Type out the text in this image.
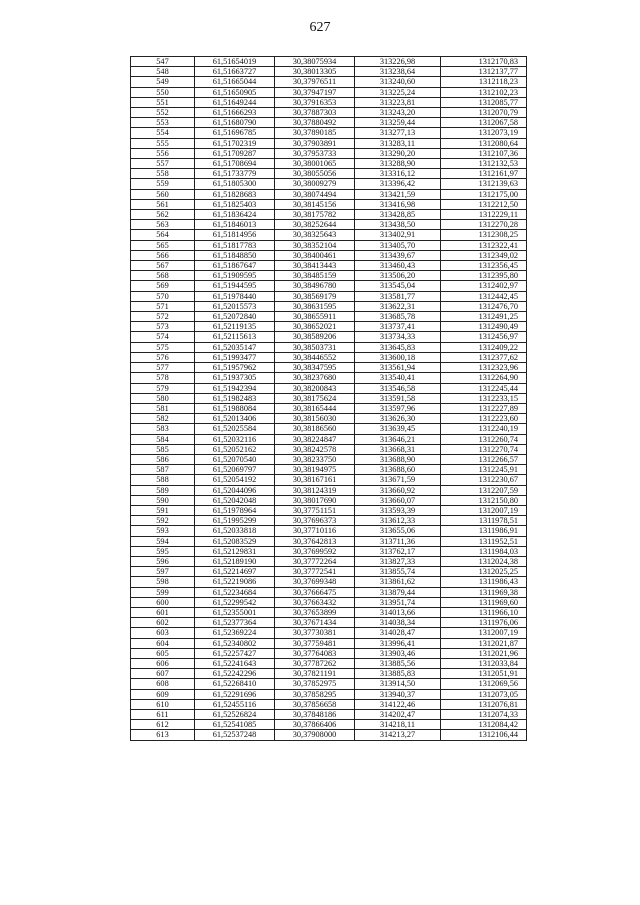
627
547	61,51654019	30,38075934	313226,98	1312170,83
548	61,51663727	30,38013305	313238,64	1312137,77
549	61,51665044	30,37976511	313240,60	1312118,23
550	61,51650905	30,37947197	313225,24	1312102,23
551	61,51649244	30,37916353	313223,81	1312085,77
552	61,51666293	30,37887303	313243,20	1312070,79
553	61,51680790	30,37880492	313259,44	1312067,58
554	61,51696785	30,37890185	313277,13	1312073,19
555	61,51702319	30,37903891	313283,11	1312080,64
556	61,51709287	30,37953733	313290,20	1312107,36
557	61,51708694	30,38001065	313288,90	1312132,53
558	61,51733779	30,38055056	313316,12	1312161,97
559	61,51805300	30,38009279	313396,42	1312139,63
560	61,51828683	30,38074494	313421,59	1312175,00
561	61,51825403	30,38145156	313416,98	1312212,50
562	61,51836424	30,38175782	313428,85	1312229,11
563	61,51846013	30,38252644	313438,50	1312270,28
564	61,51814956	30,38325643	313402,91	1312308,25
565	61,51817783	30,38352104	313405,70	1312322,41
566	61,51848850	30,38400461	313439,67	1312349,02
567	61,51867647	30,38413443	313460,43	1312356,45
568	61,51909595	30,38485159	313506,20	1312395,80
569	61,51944595	30,38496780	313545,04	1312402,97
570	61,51978440	30,38569179	313581,77	1312442,45
571	61,52015573	30,38631595	313622,31	1312476,70
572	61,52072840	30,38655911	313685,78	1312491,25
573	61,52119135	30,38652021	313737,41	1312490,49
574	61,52115613	30,38589206	313734,33	1312456,97
575	61,52035147	30,38503731	313645,83	1312409,22
576	61,51993477	30,38446552	313600,18	1312377,62
577	61,51957962	30,38347595	313561,94	1312323,96
578	61,51937305	30,38237680	313540,41	1312264,90
579	61,51942394	30,38200843	313546,58	1312245,44
580	61,51982483	30,38175624	313591,58	1312233,15
581	61,51988084	30,38165444	313597,96	1312227,89
582	61,52013406	30,38156030	313626,30	1312223,60
583	61,52025584	30,38186560	313639,45	1312240,19
584	61,52032116	30,38224847	313646,21	1312260,74
585	61,52052162	30,38242578	313668,31	1312270,74
586	61,52070540	30,38233750	313688,90	1312266,57
587	61,52069797	30,38194975	313688,60	1312245,91
588	61,52054192	30,38167161	313671,59	1312230,67
589	61,52044096	30,38124319	313660,92	1312207,59
590	61,52042048	30,38017690	313660,07	1312150,80
591	61,51978964	30,37751151	313593,39	1312007,19
592	61,51995299	30,37696373	313612,33	1311978,51
593	61,52033818	30,37710116	313655,06	1311986,91
594	61,52083529	30,37642813	313711,36	1311952,51
595	61,52129831	30,37699592	313762,17	1311984,03
596	61,52189190	30,37772264	313827,33	1312024,38
597	61,52214697	30,37772541	313855,74	1312025,25
598	61,52219086	30,37699348	313861,62	1311986,43
599	61,52234684	30,37666475	313879,44	1311969,38
600	61,52299542	30,37663432	313951,74	1311969,60
601	61,52355001	30,37653899	314013,66	1311966,10
602	61,52377364	30,37671434	314038,34	1311976,06
603	61,52369224	30,37730381	314028,47	1312007,19
604	61,52340802	30,37759481	313996,41	1312021,87
605	61,52257427	30,37764083	313903,46	1312021,96
606	61,52241643	30,37787262	313885,56	1312033,84
607	61,52242296	30,37821191	313885,83	1312051,91
608	61,52268410	30,37852975	313914,50	1312069,56
609	61,52291696	30,37858295	313940,37	1312073,05
610	61,52455116	30,37856658	314122,46	1312076,81
611	61,52526824	30,37848186	314202,47	1312074,33
612	61,52541085	30,37866406	314218,11	1312084,42
613	61,52537248	30,37908000	314213,27	1312106,44
